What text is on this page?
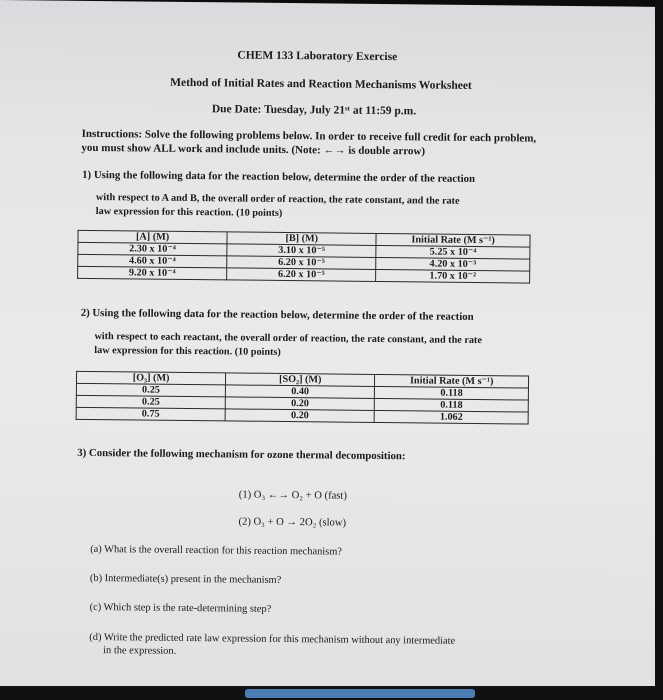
CHEM 133 Laboratory Exercise
Method of Initial Rates and Reaction Mechanisms Worksheet
Due Date: Tuesday, July 21ˢᵗ at 11:59 p.m.
Instructions: Solve the following problems below. In order to receive full credit for each problem,
you must show ALL work and include units. (Note: ←→ is double arrow)
1) Using the following data for the reaction below, determine the order of the reaction
with respect to A and B, the overall order of reaction, the rate constant, and the rate
law expression for this reaction. (10 points)
[A] (M)	[B] (M)	Initial Rate (M s⁻¹)
2.30 x 10⁻⁴	3.10 x 10⁻⁵	5.25 x 10⁻⁴
4.60 x 10⁻⁴	6.20 x 10⁻⁵	4.20 x 10⁻³
9.20 x 10⁻⁴	6.20 x 10⁻⁵	1.70 x 10⁻²
2) Using the following data for the reaction below, determine the order of the reaction
with respect to each reactant, the overall order of reaction, the rate constant, and the rate
law expression for this reaction. (10 points)
[O₃] (M)	[SO₂] (M)	Initial Rate (M s⁻¹)
0.25	0.40	0.118
0.25	0.20	0.118
0.75	0.20	1.062
3) Consider the following mechanism for ozone thermal decomposition:
(1) O₃ ←→ O₂ + O (fast)
(2) O₃ + O → 2O₂ (slow)
(a) What is the overall reaction for this reaction mechanism?
(b) Intermediate(s) present in the mechanism?
(c) Which step is the rate-determining step?
(d) Write the predicted rate law expression for this mechanism without any intermediate
in the expression.
